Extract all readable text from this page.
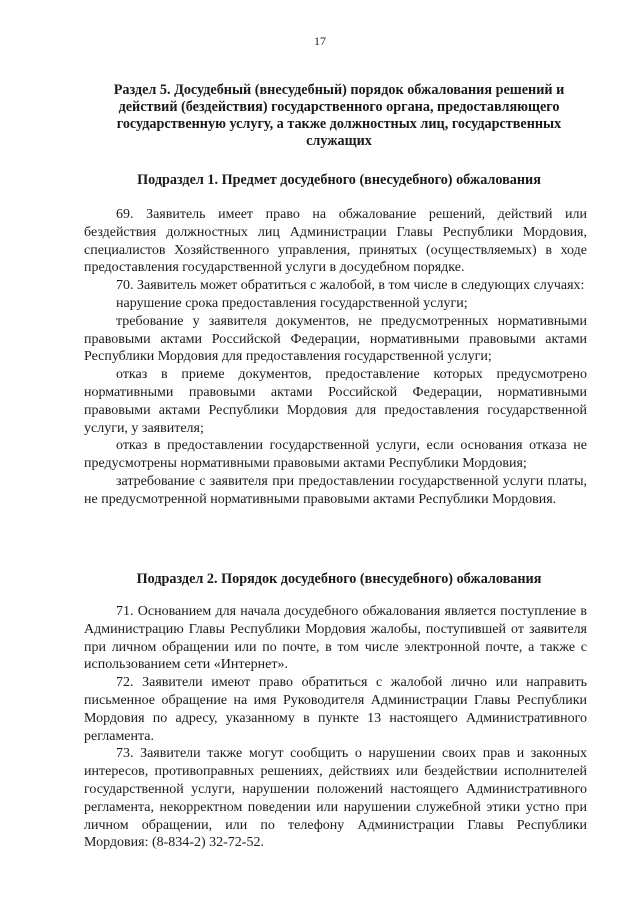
17
Раздел 5. Досудебный (внесудебный) порядок обжалования решений и действий (бездействия) государственного органа, предоставляющего государственную услугу, а также должностных лиц, государственных служащих
Подраздел 1. Предмет досудебного (внесудебного) обжалования

69. Заявитель имеет право на обжалование решений, действий или бездействия должностных лиц Администрации Главы Республики Мордовия, специалистов Хозяйственного управления, принятых (осуществляемых) в ходе предоставления государственной услуги в досудебном порядке.

70. Заявитель может обратиться с жалобой, в том числе в следующих случаях:

нарушение срока предоставления государственной услуги;

требование у заявителя документов, не предусмотренных нормативными правовыми актами Российской Федерации, нормативными правовыми актами Республики Мордовия для предоставления государственной услуги;

отказ в приеме документов, предоставление которых предусмотрено нормативными правовыми актами Российской Федерации, нормативными правовыми актами Республики Мордовия для предоставления государственной услуги, у заявителя;

отказ в предоставлении государственной услуги, если основания отказа не предусмотрены нормативными правовыми актами Республики Мордовия;

затребование с заявителя при предоставлении государственной услуги платы, не предусмотренной нормативными правовыми актами Республики Мордовия.

Подраздел 2. Порядок досудебного (внесудебного) обжалования

71. Основанием для начала досудебного обжалования является поступление в Администрацию Главы Республики Мордовия жалобы, поступившей от заявителя при личном обращении или по почте, в том числе электронной почте, а также с использованием сети «Интернет».

72. Заявители имеют право обратиться с жалобой лично или направить письменное обращение на имя Руководителя Администрации Главы Республики Мордовия по адресу, указанному в пункте 13 настоящего Административного регламента.

73. Заявители также могут сообщить о нарушении своих прав и законных интересов, противоправных решениях, действиях или бездействии исполнителей государственной услуги, нарушении положений настоящего Административного регламента, некорректном поведении или нарушении служебной этики устно при личном обращении, или по телефону Администрации Главы Республики Мордовия: (8-834-2) 32-72-52.
